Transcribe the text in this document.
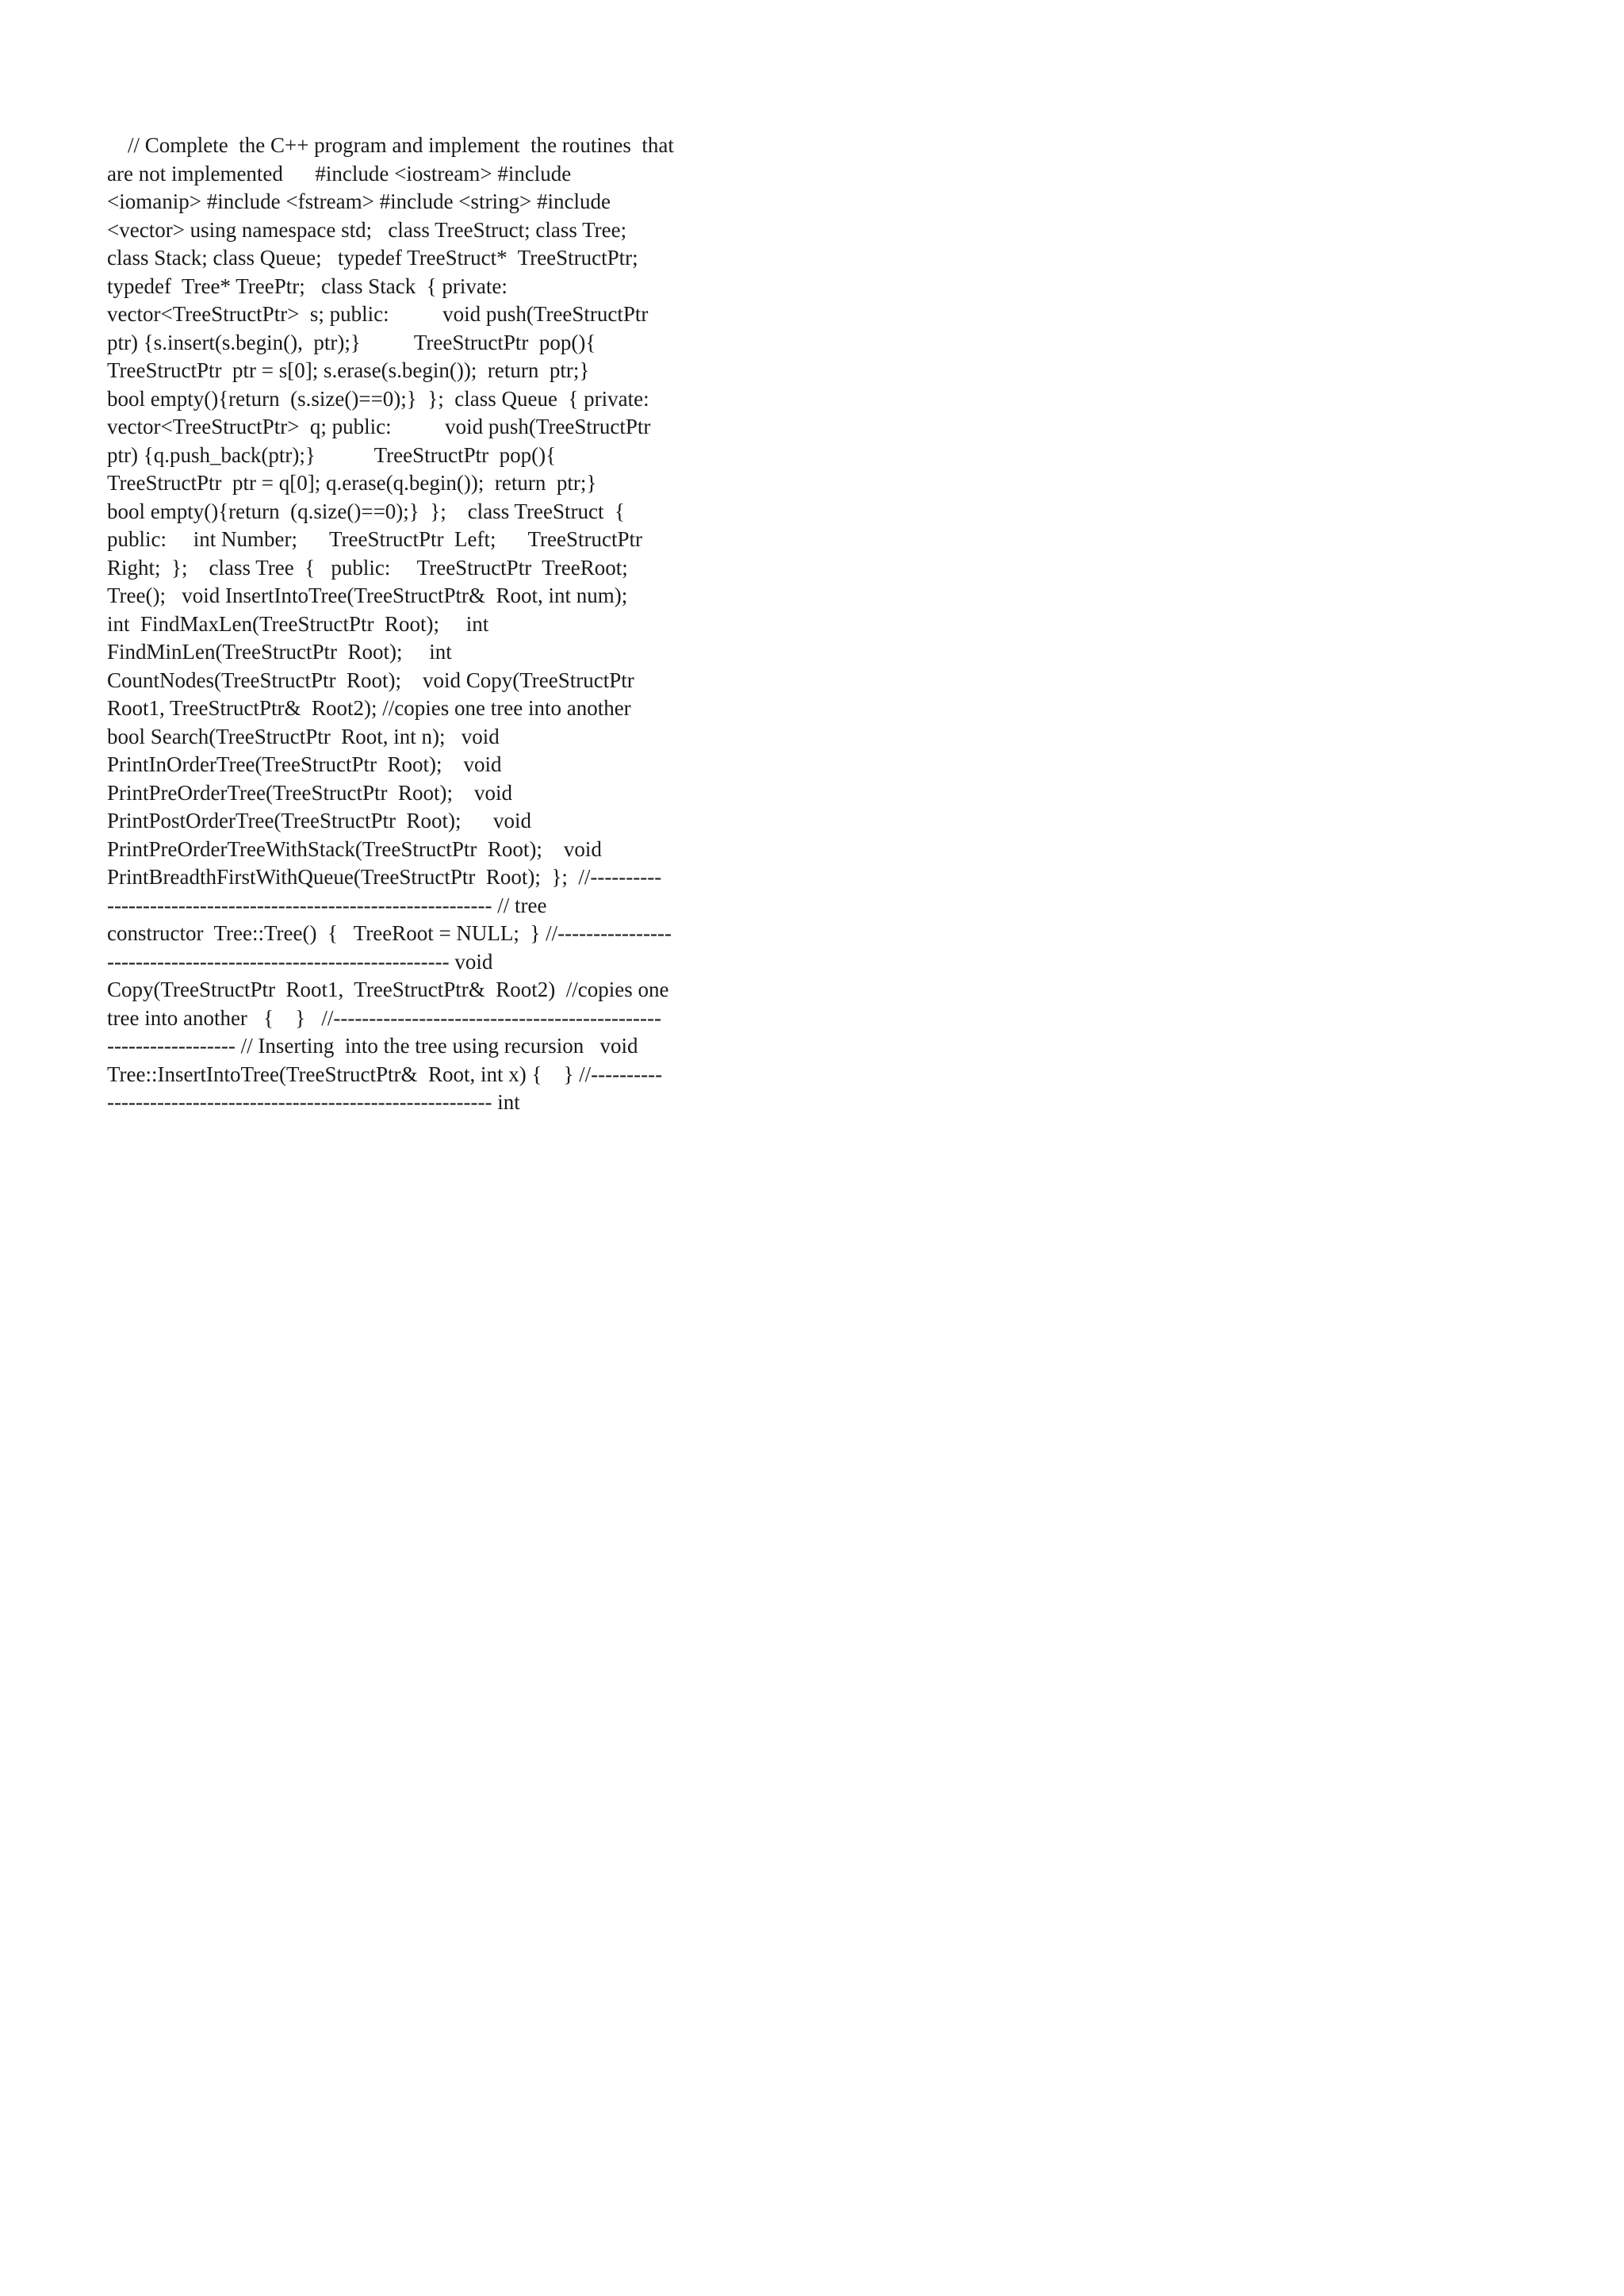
// Complete  the C++ program and implement  the routines  that
are not implemented      #include <iostream> #include
<iomanip> #include <fstream> #include <string> #include
<vector> using namespace std;   class TreeStruct; class Tree;
class Stack; class Queue;   typedef TreeStruct*  TreeStructPtr;
typedef  Tree* TreePtr;   class Stack  { private:
vector<TreeStructPtr>  s; public:          void push(TreeStructPtr
ptr) {s.insert(s.begin(),  ptr);}          TreeStructPtr  pop(){
TreeStructPtr  ptr = s[0]; s.erase(s.begin());  return  ptr;}
bool empty(){return  (s.size()==0);}  };  class Queue  { private:
vector<TreeStructPtr>  q; public:          void push(TreeStructPtr
ptr) {q.push_back(ptr);}           TreeStructPtr  pop(){
TreeStructPtr  ptr = q[0]; q.erase(q.begin());  return  ptr;}
bool empty(){return  (q.size()==0);}  };    class TreeStruct  {
public:     int Number;      TreeStructPtr  Left;      TreeStructPtr
Right;  };    class Tree  {   public:     TreeStructPtr  TreeRoot;
Tree();   void InsertIntoTree(TreeStructPtr&  Root, int num);
int  FindMaxLen(TreeStructPtr  Root);     int
FindMinLen(TreeStructPtr  Root);     int
CountNodes(TreeStructPtr  Root);    void Copy(TreeStructPtr
Root1, TreeStructPtr&  Root2); //copies one tree into another
bool Search(TreeStructPtr  Root, int n);   void
PrintInOrderTree(TreeStructPtr  Root);    void
PrintPreOrderTree(TreeStructPtr  Root);    void
PrintPostOrderTree(TreeStructPtr  Root);      void
PrintPreOrderTreeWithStack(TreeStructPtr  Root);    void
PrintBreadthFirstWithQueue(TreeStructPtr  Root);  };  //----------
------------------------------------------------------ // tree
constructor  Tree::Tree()  {   TreeRoot = NULL;  } //----------------
------------------------------------------------ void
Copy(TreeStructPtr  Root1,  TreeStructPtr&  Root2)  //copies one
tree into another   {    }   //----------------------------------------------
------------------ // Inserting  into the tree using recursion   void
Tree::InsertIntoTree(TreeStructPtr&  Root, int x) {    } //----------
------------------------------------------------------ int
